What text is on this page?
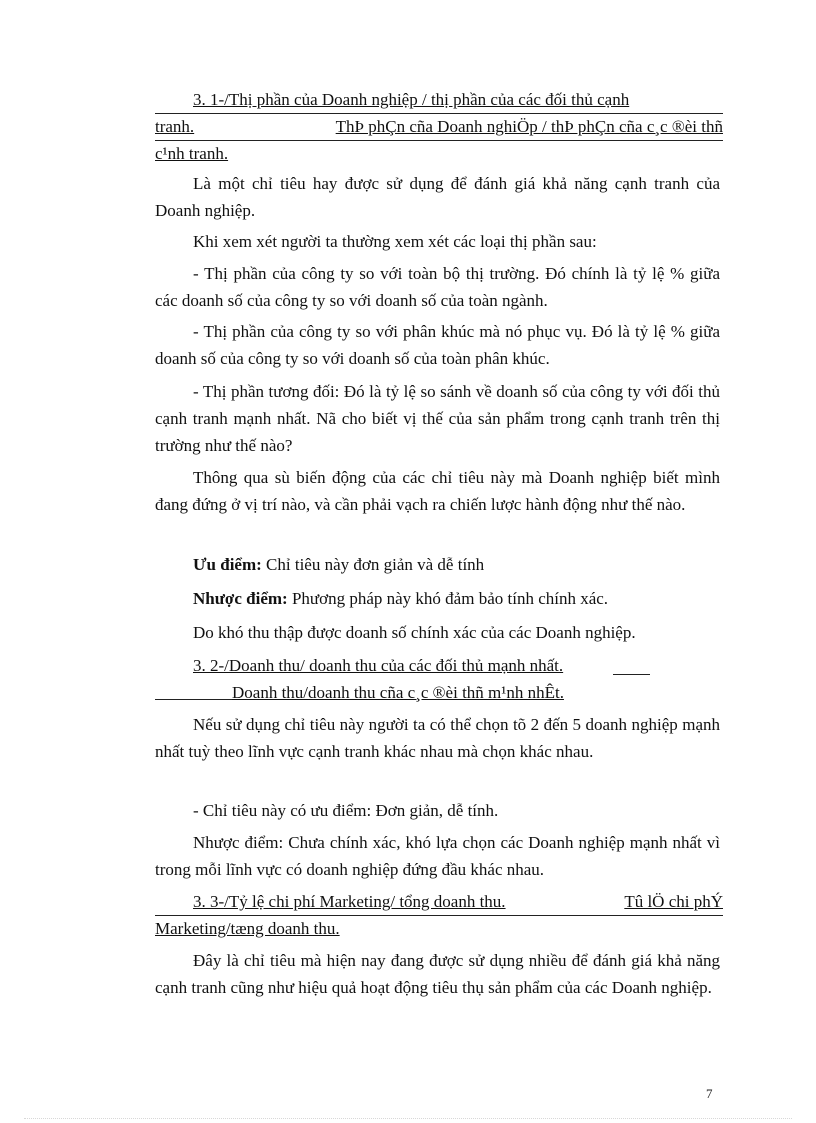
3. 1-/Thị phần của Doanh nghiệp / thị phần của các đối thủ cạnh

tranh.	ThÞ phÇn cña Doanh nghiÖp / thÞ phÇn cña c¸c ®èi thñ

c¹nh tranh.

Là một chỉ tiêu hay được sử dụng để đánh giá khả năng cạnh tranh của Doanh nghiệp.

Khi xem xét người ta thường xem xét các loại thị phần sau:

- Thị phần của công ty so với toàn bộ thị trường. Đó chính là tỷ lệ % giữa các doanh số của công ty so với doanh số của toàn ngành.

- Thị phần của công ty so với phân khúc mà nó phục vụ. Đó là tỷ lệ % giữa doanh số của công ty so với doanh số của toàn phân khúc.

- Thị phần tương đối: Đó là tỷ lệ so sánh về doanh số của công ty với đối thủ cạnh tranh mạnh nhất. Nã cho biết vị thế của sản phẩm trong cạnh tranh trên thị trường như thế nào?

Thông qua sù biến động của các chỉ tiêu này mà Doanh nghiệp biết mình đang đứng ở vị trí nào, và cần phải vạch ra chiến lược hành động như thế nào.

Ưu điểm: Chỉ tiêu này đơn giản và dễ tính

Nhược điểm: Phương pháp này khó đảm bảo tính chính xác.

Do khó thu thập được doanh số chính xác của các Doanh nghiệp.

3. 2-/Doanh thu/ doanh thu của các đối thủ mạnh nhất.

Doanh thu/doanh thu cña c¸c ®èi thñ m¹nh nhÊt.

Nếu sử dụng chỉ tiêu này người ta có thể chọn tõ 2 đến 5 doanh nghiệp mạnh nhất tuỳ theo lĩnh vực cạnh tranh khác nhau mà chọn khác nhau.

- Chỉ tiêu này có ưu điểm: Đơn giản, dễ tính.

Nhược điểm: Chưa chính xác, khó lựa chọn các Doanh nghiệp mạnh nhất vì trong mỗi lĩnh vực có doanh nghiệp đứng đầu khác nhau.

3. 3-/Tỷ lệ chi phí Marketing/ tổng doanh thu.	Tû lÖ chi phÝ

Marketing/tæng doanh thu.

Đây là chỉ tiêu mà hiện nay đang được sử dụng nhiều để đánh giá khả năng cạnh tranh cũng như hiệu quả hoạt động tiêu thụ sản phẩm của các Doanh nghiệp.

7
